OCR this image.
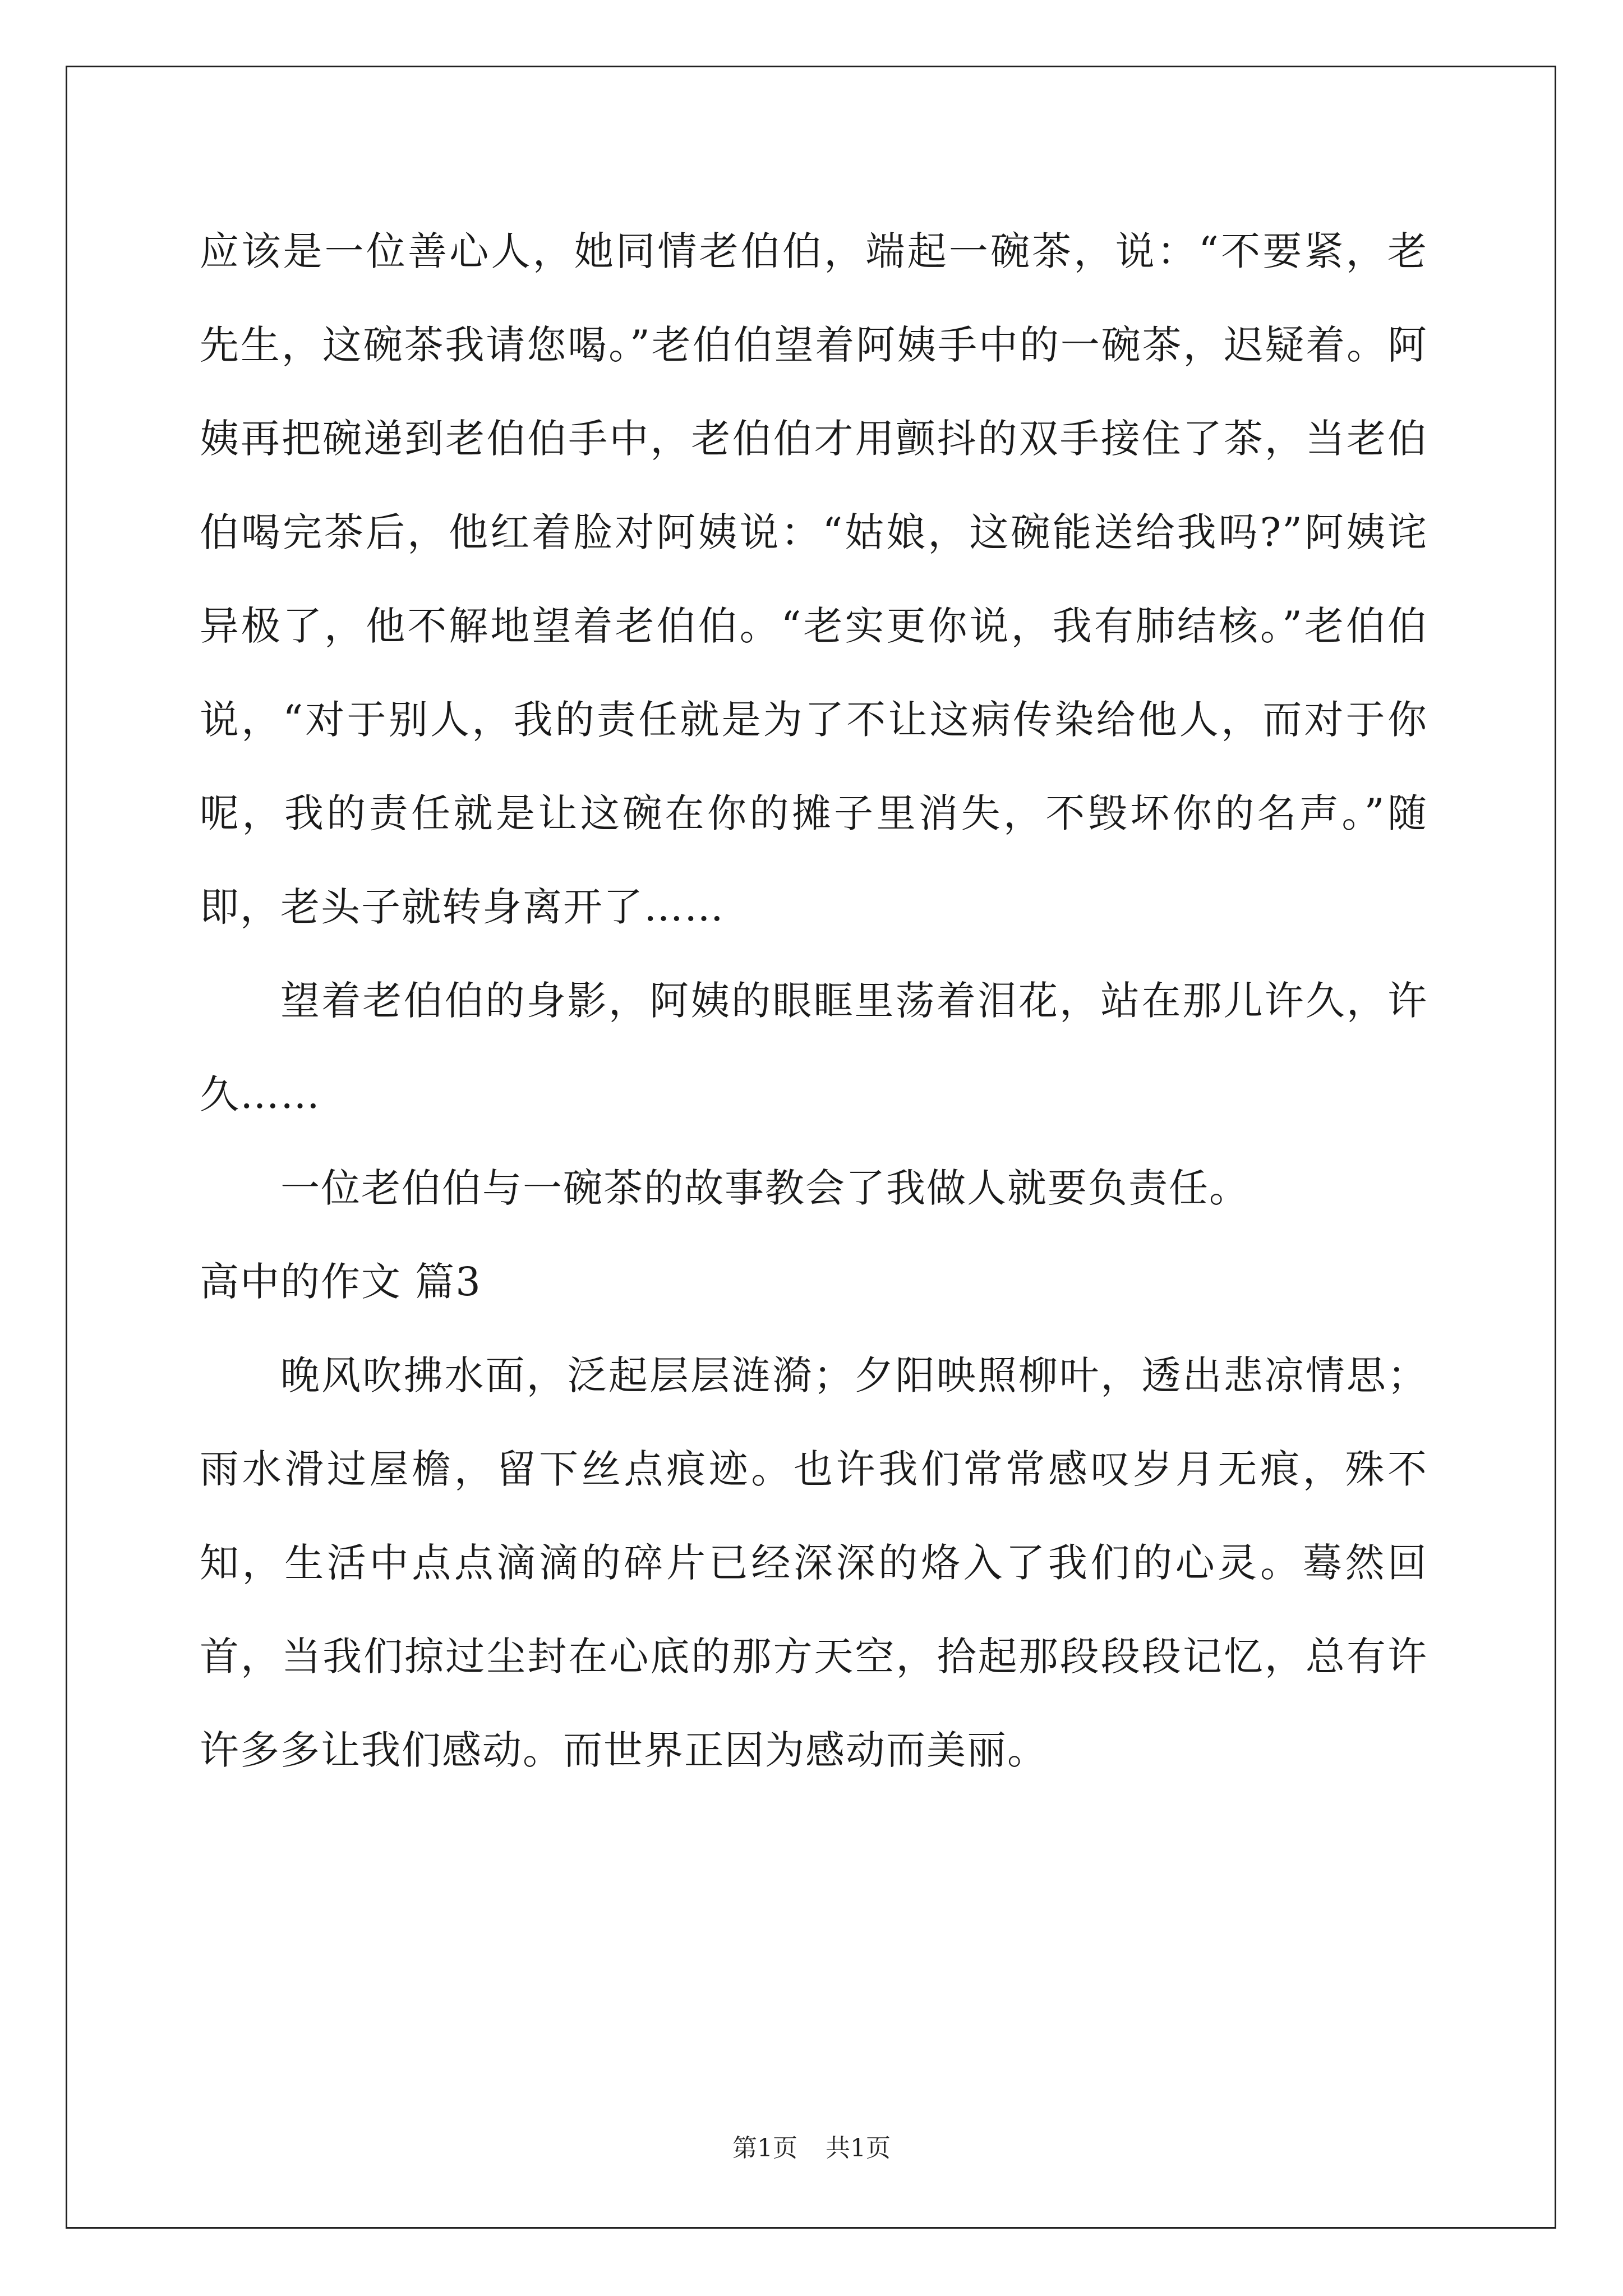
应该是一位善心人，她同情老伯伯，端起一碗茶，说：“不要紧，老先生，这碗茶我请您喝。”老伯伯望着阿姨手中的一碗茶，迟疑着。阿姨再把碗递到老伯伯手中，老伯伯才用颤抖的双手接住了茶，当老伯伯喝完茶后，他红着脸对阿姨说：“姑娘，这碗能送给我吗?”阿姨诧异极了，他不解地望着老伯伯。“老实更你说，我有肺结核。”老伯伯说，“对于别人，我的责任就是为了不让这病传染给他人，而对于你呢，我的责任就是让这碗在你的摊子里消失，不毁坏你的名声。”随即，老头子就转身离开了……

望着老伯伯的身影，阿姨的眼眶里荡着泪花，站在那儿许久，许久……

一位老伯伯与一碗茶的故事教会了我做人就要负责任。

高中的作文 篇3

晚风吹拂水面，泛起层层涟漪；夕阳映照柳叶，透出悲凉情思；雨水滑过屋檐，留下丝点痕迹。也许我们常常感叹岁月无痕，殊不知，生活中点点滴滴的碎片已经深深的烙入了我们的心灵。蓦然回首，当我们掠过尘封在心底的那方天空，拾起那段段段记忆，总有许许多多让我们感动。而世界正因为感动而美丽。

第1页 共1页
